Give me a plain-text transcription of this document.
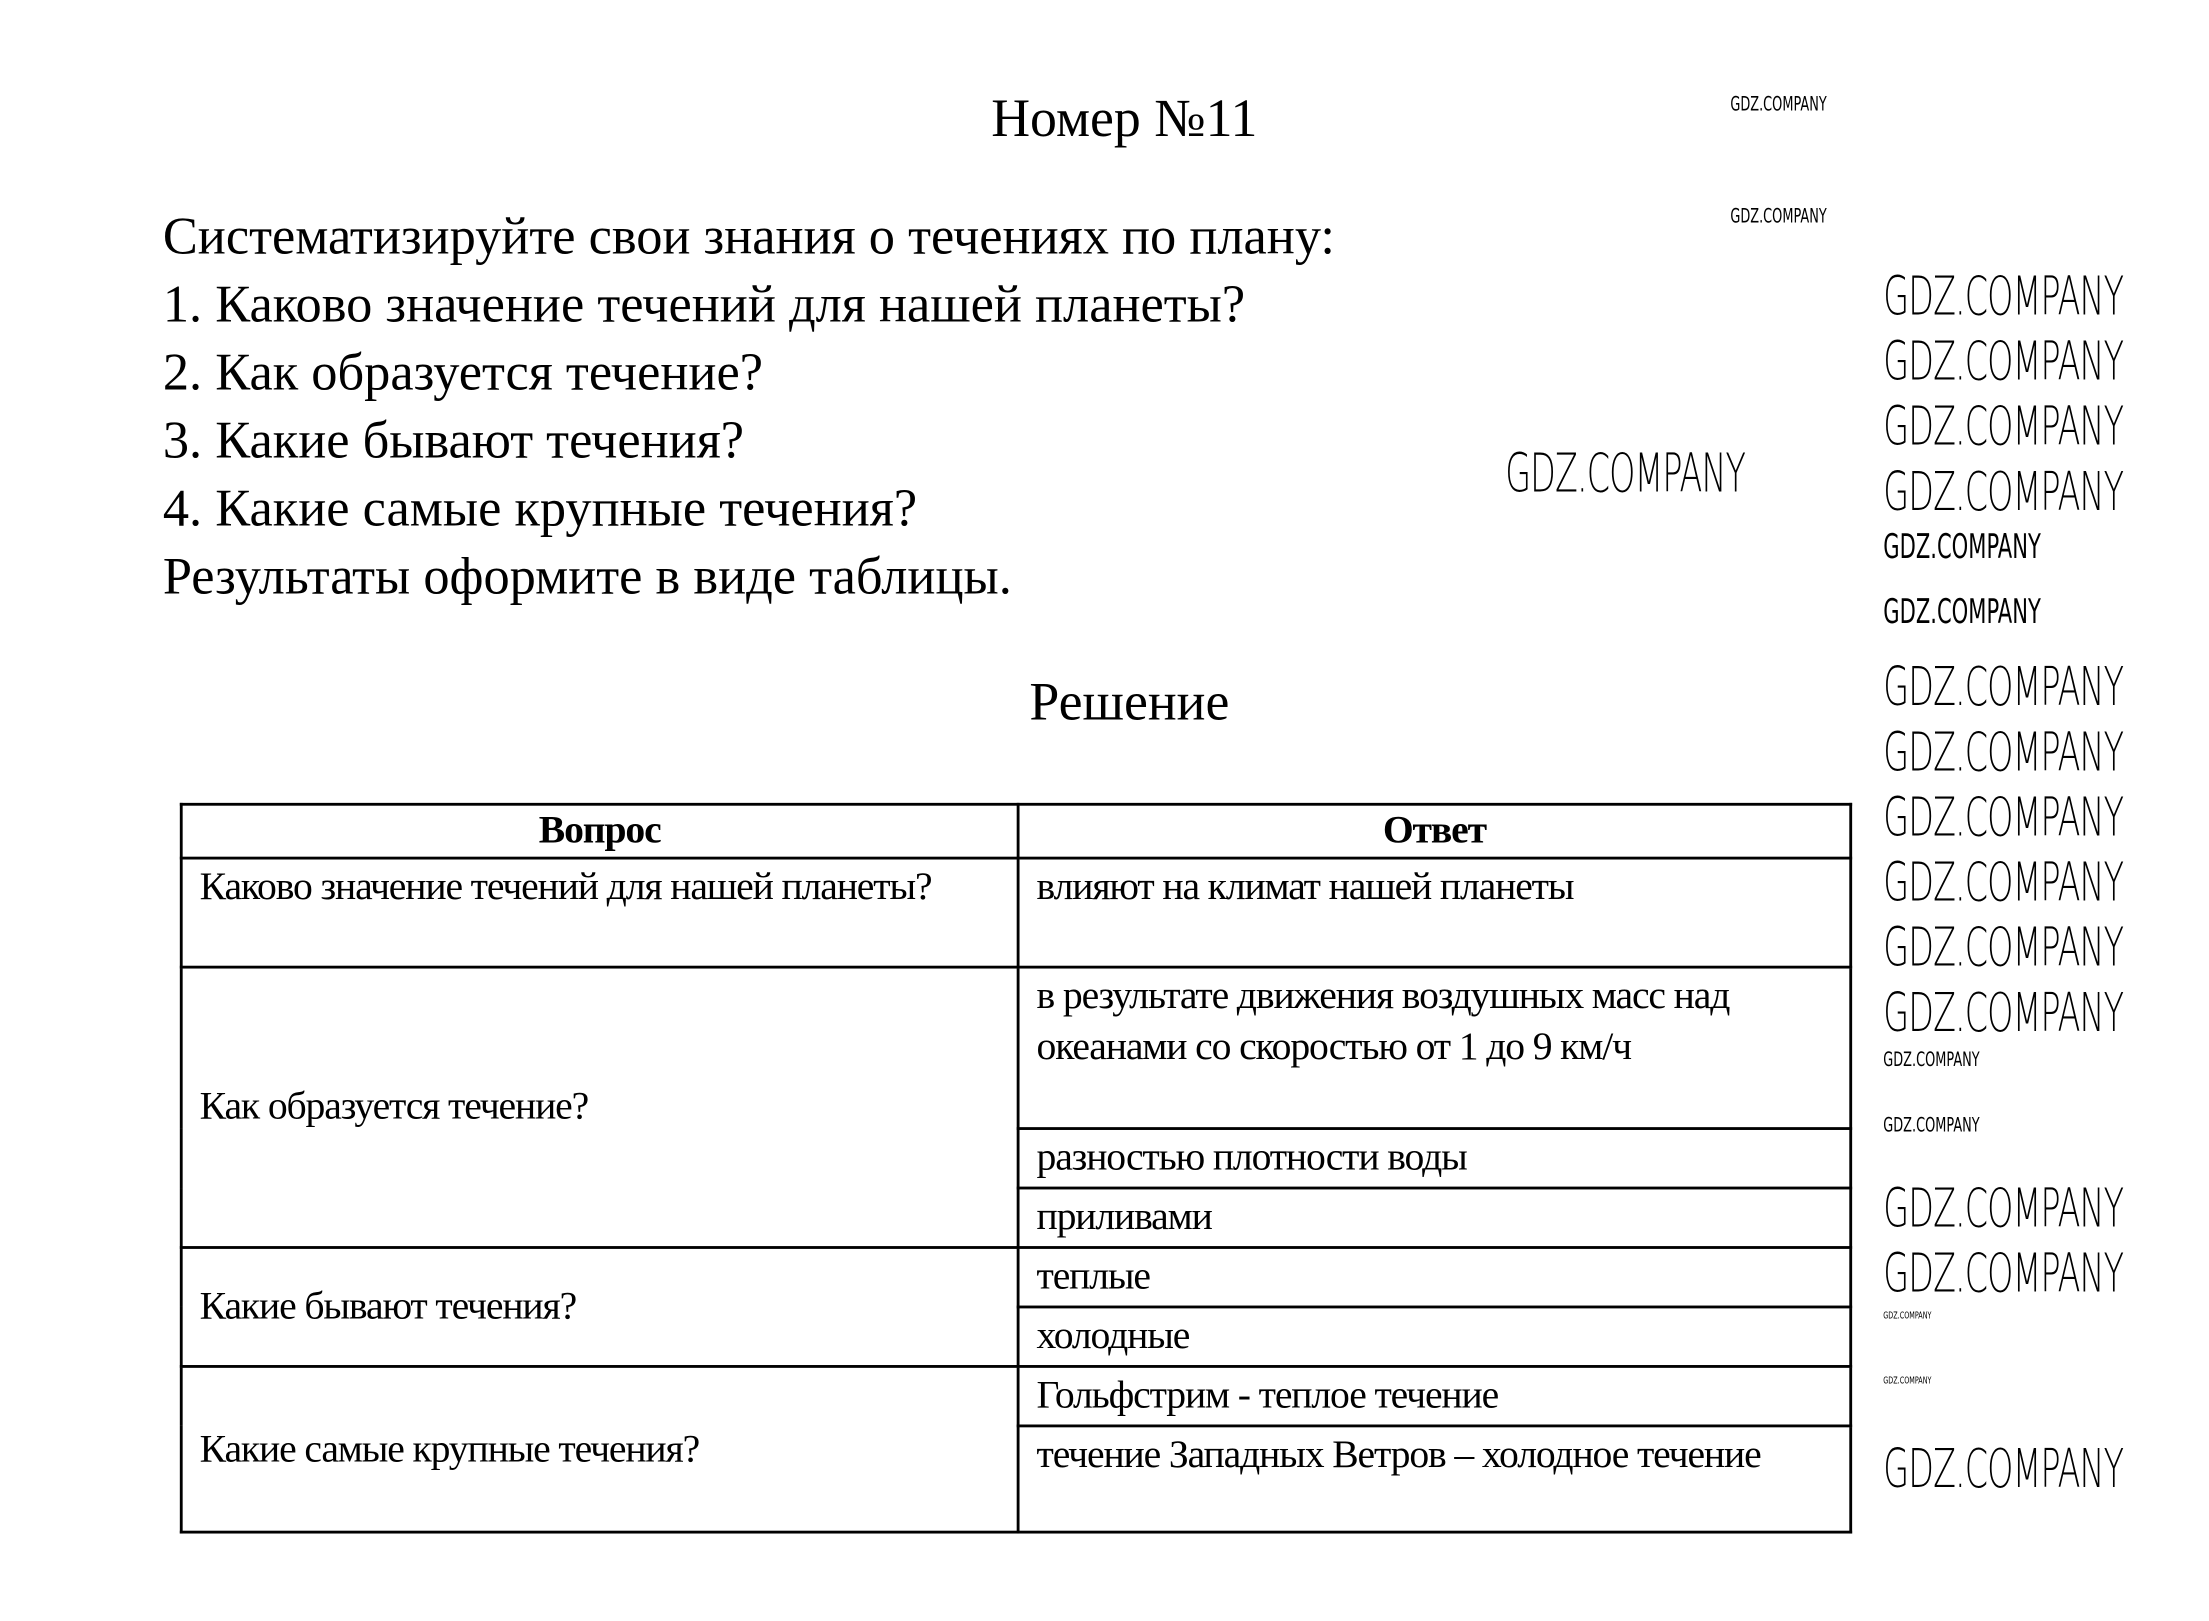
Номер №11
Систематизируйте свои знания о течениях по плану:
1. Каково значение течений для нашей планеты?
2. Как образуется течение?
3. Какие бывают течения?
4. Какие самые крупные течения?
Результаты оформите в виде таблицы.
Решение
Вопрос	Ответ
Каково значение течений для нашей планеты?	влияют на климат нашей планеты
Как образуется течение?	в результате движения воздушных масс над океанами со скоростью от 1 до 9 км/ч
	разностью плотности воды
	приливами
Какие бывают течения?	теплые
	холодные
Какие самые крупные течения?	Гольфстрим - теплое течение
	течение Западных Ветров – холодное течение
GDZ.COMPANY
GDZ.COMPANY
GDZ.COMPANY
GDZ.COMPANY
GDZ.COMPANY
GDZ.COMPANY
GDZ.COMPANY
GDZ.COMPANY
GDZ.COMPANY
GDZ.COMPANY
GDZ.COMPANY
GDZ.COMPANY
GDZ.COMPANY
GDZ.COMPANY
GDZ.COMPANY
GDZ.COMPANY
GDZ.COMPANY
GDZ.COMPANY
GDZ.COMPANY
GDZ.COMPANY
GDZ.COMPANY
GDZ.COMPANY
